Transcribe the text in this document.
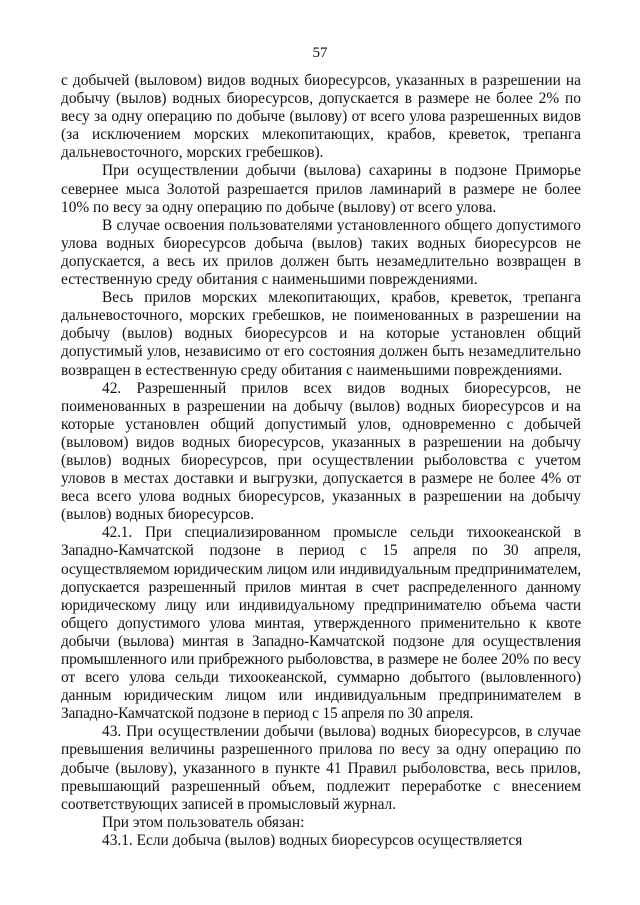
57

с добычей (выловом) видов водных биоресурсов, указанных в разрешении на добычу (вылов) водных биоресурсов, допускается в размере не более 2% по весу за одну операцию по добыче (вылову) от всего улова разрешенных видов (за исключением морских млекопитающих, крабов, креветок, трепанга дальневосточного, морских гребешков).

При осуществлении добычи (вылова) сахарины в подзоне Приморье севернее мыса Золотой разрешается прилов ламинарий в размере не более 10% по весу за одну операцию по добыче (вылову) от всего улова.

В случае освоения пользователями установленного общего допустимого улова водных биоресурсов добыча (вылов) таких водных биоресурсов не допускается, а весь их прилов должен быть незамедлительно возвращен в естественную среду обитания с наименьшими повреждениями.

Весь прилов морских млекопитающих, крабов, креветок, трепанга дальневосточного, морских гребешков, не поименованных в разрешении на добычу (вылов) водных биоресурсов и на которые установлен общий допустимый улов, независимо от его состояния должен быть незамедлительно возвращен в естественную среду обитания с наименьшими повреждениями.

42. Разрешенный прилов всех видов водных биоресурсов, не поименованных в разрешении на добычу (вылов) водных биоресурсов и на которые установлен общий допустимый улов, одновременно с добычей (выловом) видов водных биоресурсов, указанных в разрешении на добычу (вылов) водных биоресурсов, при осуществлении рыболовства с учетом уловов в местах доставки и выгрузки, допускается в размере не более 4% от веса всего улова водных биоресурсов, указанных в разрешении на добычу (вылов) водных биоресурсов.

42.1. При специализированном промысле сельди тихоокеанской в Западно-Камчатской подзоне в период с 15 апреля по 30 апреля, осуществляемом юридическим лицом или индивидуальным предпринимателем, допускается разрешенный прилов минтая в счет распределенного данному юридическому лицу или индивидуальному предпринимателю объема части общего допустимого улова минтая, утвержденного применительно к квоте добычи (вылова) минтая в Западно-Камчатской подзоне для осуществления промышленного или прибрежного рыболовства, в размере не более 20% по весу от всего улова сельди тихоокеанской, суммарно добытого (выловленного) данным юридическим лицом или индивидуальным предпринимателем в Западно-Камчатской подзоне в период с 15 апреля по 30 апреля.

43. При осуществлении добычи (вылова) водных биоресурсов, в случае превышения величины разрешенного прилова по весу за одну операцию по добыче (вылову), указанного в пункте 41 Правил рыболовства, весь прилов, превышающий разрешенный объем, подлежит переработке с внесением соответствующих записей в промысловый журнал.

При этом пользователь обязан:

43.1. Если добыча (вылов) водных биоресурсов осуществляется
